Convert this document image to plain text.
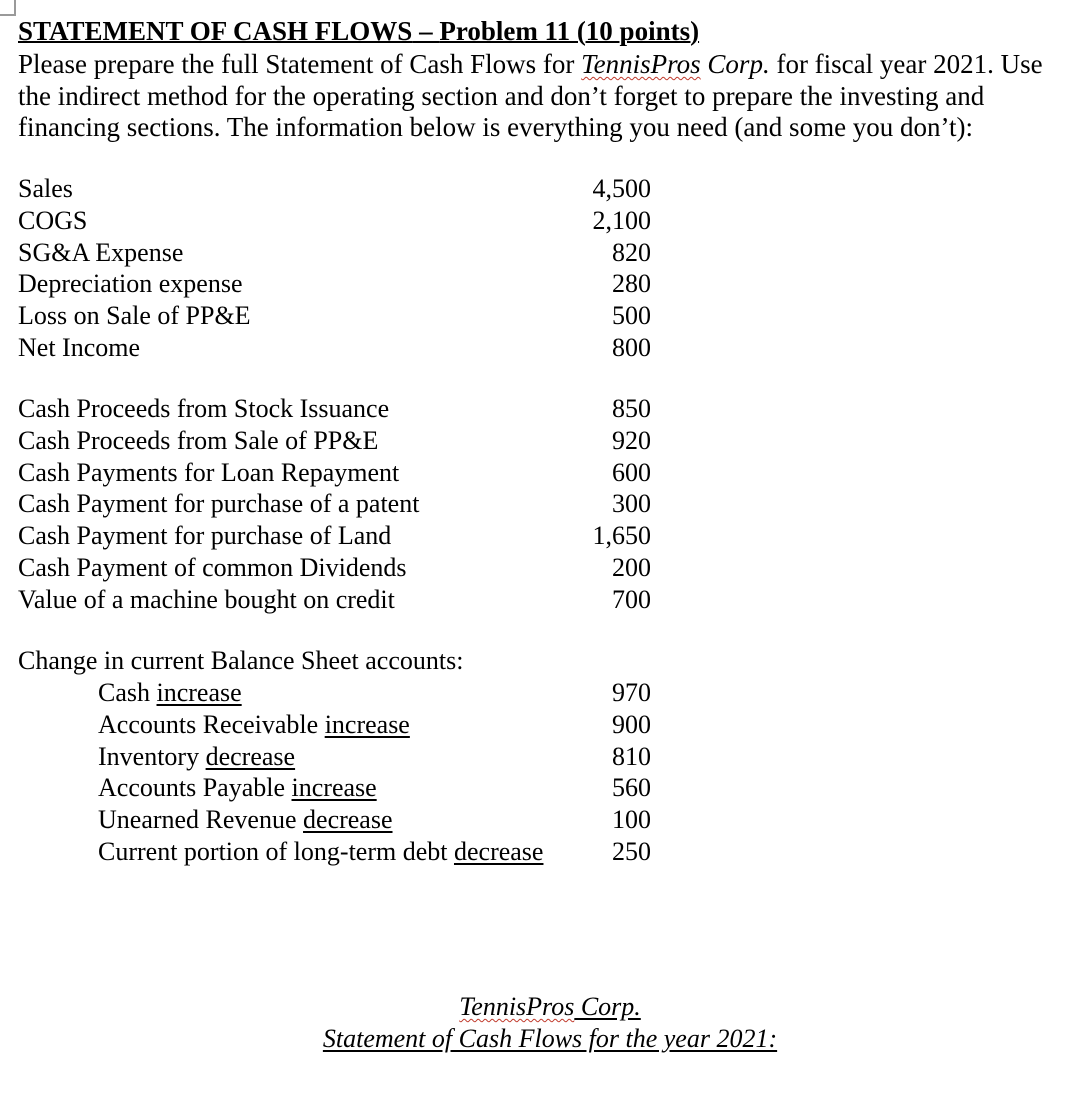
STATEMENT OF CASH FLOWS – Problem 11 (10 points)
Please prepare the full Statement of Cash Flows for TennisPros Corp. for fiscal year 2021. Use
the indirect method for the operating section and don’t forget to prepare the investing and
financing sections. The information below is everything you need (and some you don’t):
Sales	4,500
COGS	2,100
SG&A Expense	820
Depreciation expense	280
Loss on Sale of PP&E	500
Net Income	800
Cash Proceeds from Stock Issuance	850
Cash Proceeds from Sale of PP&E	920
Cash Payments for Loan Repayment	600
Cash Payment for purchase of a patent	300
Cash Payment for purchase of Land	1,650
Cash Payment of common Dividends	200
Value of a machine bought on credit	700
Change in current Balance Sheet accounts:
Cash increase	970
Accounts Receivable increase	900
Inventory decrease	810
Accounts Payable increase	560
Unearned Revenue decrease	100
Current portion of long-term debt decrease	250
TennisPros Corp.
Statement of Cash Flows for the year 2021:
